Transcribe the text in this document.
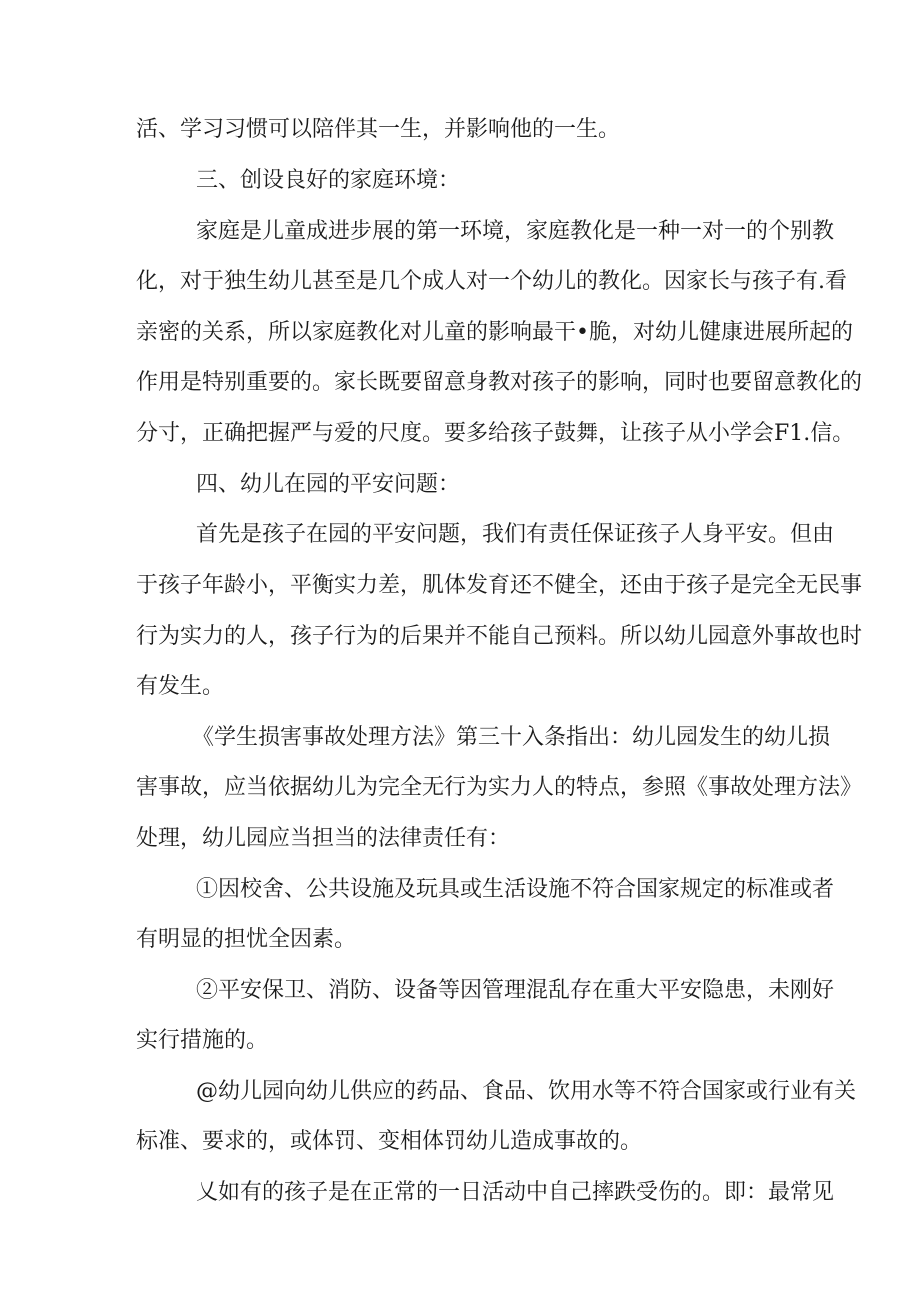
活、学习习惯可以陪伴其一生，并影响他的一生。
三、创设良好的家庭环境：
家庭是儿童成进步展的第一环境，家庭教化是一种一对一的个别教
化，对于独生幼儿甚至是几个成人对一个幼儿的教化。因家长与孩子有.看
亲密的关系，所以家庭教化对儿童的影响最干•脆，对幼儿健康进展所起的
作用是特别重要的。家长既要留意身教对孩子的影响，同时也要留意教化的
分寸，正确把握严与爱的尺度。要多给孩子鼓舞，让孩子从小学会F1.信。
四、幼儿在园的平安问题：
首先是孩子在园的平安问题，我们有责任保证孩子人身平安。但由
于孩子年龄小，平衡实力差，肌体发育还不健全，还由于孩子是完全无民事
行为实力的人，孩子行为的后果并不能自己预料。所以幼儿园意外事故也时
有发生。
《学生损害事故处理方法》第三十入条指出：幼儿园发生的幼儿损
害事故，应当依据幼儿为完全无行为实力人的特点，参照《事故处理方法》
处理，幼儿园应当担当的法律责任有：
①因校舍、公共设施及玩具或生活设施不符合国家规定的标准或者
有明显的担忧全因素。
②平安保卫、消防、设备等因管理混乱存在重大平安隐患，未刚好
实行措施的。
@幼儿园向幼儿供应的药品、食品、饮用水等不符合国家或行业有关
标准、要求的，或体罚、变相体罚幼儿造成事故的。
乂如有的孩子是在正常的一日活动中自己摔跌受伤的。即：最常见
